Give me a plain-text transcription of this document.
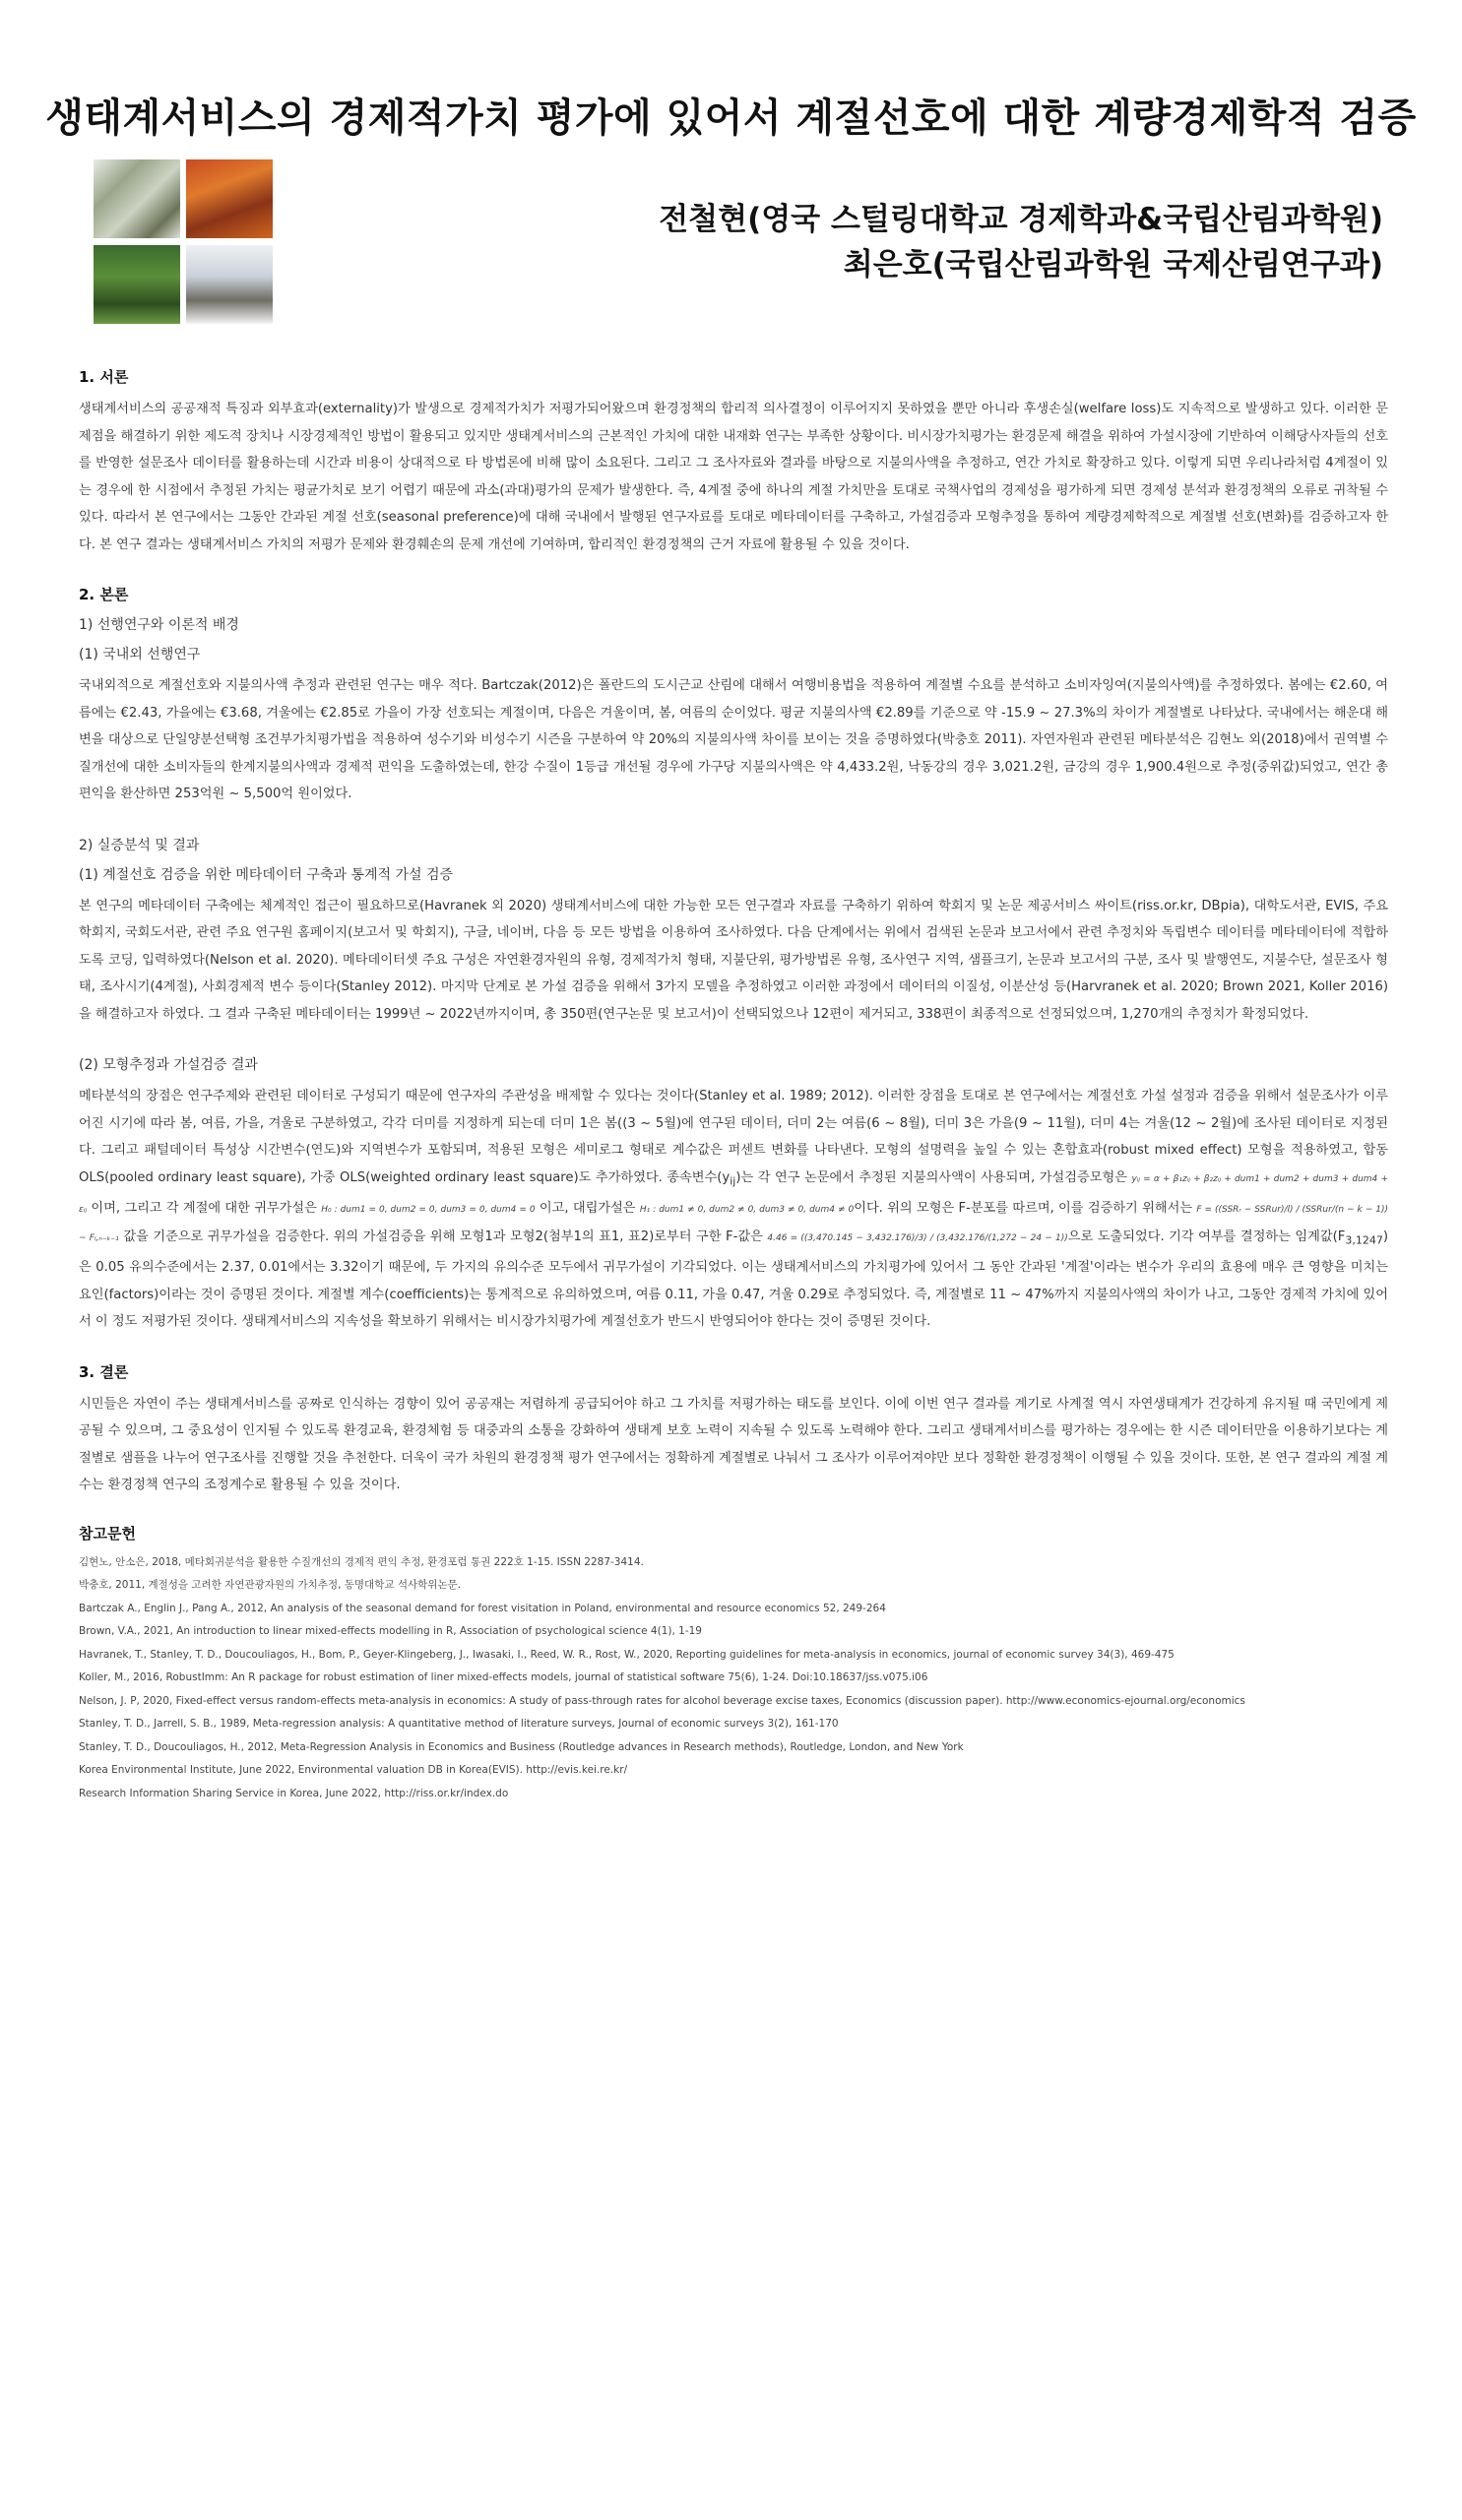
생태계서비스의 경제적가치 평가에 있어서 계절선호에 대한 계량경제학적 검증
전철현(영국 스털링대학교 경제학과&국립산림과학원)
최은호(국립산림과학원 국제산림연구과)
1. 서론

생태계서비스의 공공재적 특징과 외부효과(externality)가 발생으로 경제적가치가 저평가되어왔으며 환경정책의 합리적 의사결정이 이루어지지 못하였을 뿐만 아니라 후생손실(welfare loss)도 지속적으로 발생하고 있다. 이러한 문제점을 해결하기 위한 제도적 장치나 시장경제적인 방법이 활용되고 있지만 생태계서비스의 근본적인 가치에 대한 내재화 연구는 부족한 상황이다. 비시장가치평가는 환경문제 해결을 위하여 가설시장에 기반하여 이해당사자들의 선호를 반영한 설문조사 데이터를 활용하는데 시간과 비용이 상대적으로 타 방법론에 비해 많이 소요된다. 그리고 그 조사자료와 결과를 바탕으로 지불의사액을 추정하고, 연간 가치로 확장하고 있다. 이렇게 되면 우리나라처럼 4계절이 있는 경우에 한 시점에서 추정된 가치는 평균가치로 보기 어렵기 때문에 과소(과대)평가의 문제가 발생한다. 즉, 4계절 중에 하나의 계절 가치만을 토대로 국책사업의 경제성을 평가하게 되면 경제성 분석과 환경정책의 오류로 귀착될 수 있다. 따라서 본 연구에서는 그동안 간과된 계절 선호(seasonal preference)에 대해 국내에서 발행된 연구자료를 토대로 메타데이터를 구축하고, 가설검증과 모형추정을 통하여 계량경제학적으로 계절별 선호(변화)를 검증하고자 한다. 본 연구 결과는 생태계서비스 가치의 저평가 문제와 환경훼손의 문제 개선에 기여하며, 합리적인 환경정책의 근거 자료에 활용될 수 있을 것이다.

2. 본론
1) 선행연구와 이론적 배경
(1) 국내외 선행연구

국내외적으로 계절선호와 지불의사액 추정과 관련된 연구는 매우 적다. Bartczak(2012)은 폴란드의 도시근교 산림에 대해서 여행비용법을 적용하여 계절별 수요를 분석하고 소비자잉여(지불의사액)를 추정하였다. 봄에는 €2.60, 여름에는 €2.43, 가을에는 €3.68, 겨울에는 €2.85로 가을이 가장 선호되는 계절이며, 다음은 겨울이며, 봄, 여름의 순이었다. 평균 지불의사액 €2.89를 기준으로 약 -15.9 ~ 27.3%의 차이가 계절별로 나타났다. 국내에서는 해운대 해변을 대상으로 단일양분선택형 조건부가치평가법을 적용하여 성수기와 비성수기 시즌을 구분하여 약 20%의 지불의사액 차이를 보이는 것을 증명하였다(박충호 2011). 자연자원과 관련된 메타분석은 김현노 외(2018)에서 권역별 수질개선에 대한 소비자들의 한계지불의사액과 경제적 편익을 도출하였는데, 한강 수질이 1등급 개선될 경우에 가구당 지불의사액은 약 4,433.2원, 낙동강의 경우 3,021.2원, 금강의 경우 1,900.4원으로 추정(중위값)되었고, 연간 총편익을 환산하면 253억원 ~ 5,500억 원이었다.

2) 실증분석 및 결과
(1) 계절선호 검증을 위한 메타데이터 구축과 통계적 가설 검증

본 연구의 메타데이터 구축에는 체계적인 접근이 필요하므로(Havranek 외 2020) 생태계서비스에 대한 가능한 모든 연구결과 자료를 구축하기 위하여 학회지 및 논문 제공서비스 싸이트(riss.or.kr, DBpia), 대학도서관, EVIS, 주요 학회지, 국회도서관, 관련 주요 연구원 홈페이지(보고서 및 학회지), 구글, 네이버, 다음 등 모든 방법을 이용하여 조사하였다. 다음 단계에서는 위에서 검색된 논문과 보고서에서 관련 추정치와 독립변수 데이터를 메타데이터에 적합하도록 코딩, 입력하였다(Nelson et al. 2020). 메타데이터셋 주요 구성은 자연환경자원의 유형, 경제적가치 형태, 지불단위, 평가방법론 유형, 조사연구 지역, 샘플크기, 논문과 보고서의 구분, 조사 및 발행연도, 지불수단, 설문조사 형태, 조사시기(4계절), 사회경제적 변수 등이다(Stanley 2012). 마지막 단계로 본 가설 검증을 위해서 3가지 모델을 추정하였고 이러한 과정에서 데이터의 이질성, 이분산성 등(Harvranek et al. 2020; Brown 2021, Koller 2016)을 해결하고자 하였다. 그 결과 구축된 메타데이터는 1999년 ~ 2022년까지이며, 총 350편(연구논문 및 보고서)이 선택되었으나 12편이 제거되고, 338편이 최종적으로 선정되었으며, 1,270개의 추정치가 확정되었다.

(2) 모형추정과 가설검증 결과

메타분석의 장점은 연구주제와 관련된 데이터로 구성되기 때문에 연구자의 주관성을 배제할 수 있다는 것이다(Stanley et al. 1989; 2012). 이러한 장점을 토대로 본 연구에서는 계절선호 가설 설정과 검증을 위해서 설문조사가 이루어진 시기에 따라 봄, 여름, 가을, 겨울로 구분하였고, 각각 더미를 지정하게 되는데 더미 1은 봄((3 ~ 5월)에 연구된 데이터, 더미 2는 여름(6 ~ 8월), 더미 3은 가을(9 ~ 11월), 더미 4는 겨울(12 ~ 2월)에 조사된 데이터로 지정된다. 그리고 패털데이터 특성상 시간변수(연도)와 지역변수가 포함되며, 적용된 모형은 세미로그 형태로 계수값은 퍼센트 변화를 나타낸다. 모형의 설명력을 높일 수 있는 혼합효과(robust mixed effect) 모형을 적용하였고, 합동OLS(pooled ordinary least square), 가중 OLS(weighted ordinary least square)도 추가하였다. 종속변수$(y_{ij})$는 각 연구 논문에서 추정된 지불의사액이 사용되며, 가설검증모형은 yᵢⱼ = α + β₁zᵢⱼ + β₂zᵢⱼ + dum1 + dum2 + dum3 + dum4 + εᵢⱼ 이며, 그리고 각 계절에 대한 귀무가설은 H₀ : dum1 = 0, dum2 = 0, dum3 = 0, dum4 = 0 이고, 대립가설은 H₁ : dum1 ≠ 0, dum2 ≠ 0, dum3 ≠ 0, dum4 ≠ 0이다. 위의 모형은 F-분포를 따르며, 이를 검증하기 위해서는 F = ((SSRᵣ − SSRur)/l) / (SSRur/(n − k − 1)) ~ Fₗ,ₙ₋ₖ₋₁ 값을 기준으로 귀무가설을 검증한다. 위의 가설검증을 위해 모형1과 모형2(첨부1의 표1, 표2)로부터 구한 F-값은 4.46 = ((3,470.145 − 3,432.176)/3) / (3,432.176/(1,272 − 24 − 1))으로 도출되었다. 기각 여부를 결정하는 임계값$(F_{3,1247})$은 0.05 유의수준에서는 2.37, 0.01에서는 3.32이기 때문에, 두 가지의 유의수준 모두에서 귀무가설이 기각되었다. 이는 생태계서비스의 가치평가에 있어서 그 동안 간과된 '계절'이라는 변수가 우리의 효용에 매우 큰 영향을 미치는 요인(factors)이라는 것이 증명된 것이다. 계절별 계수(coefficients)는 통계적으로 유의하였으며, 여름 0.11, 가을 0.47, 겨울 0.29로 추정되었다. 즉, 계절별로 11 ~ 47%까지 지불의사액의 차이가 나고, 그동안 경제적 가치에 있어서 이 정도 저평가된 것이다. 생태계서비스의 지속성을 확보하기 위해서는 비시장가치평가에 계절선호가 반드시 반영되어야 한다는 것이 증명된 것이다.

3. 결론

시민들은 자연이 주는 생태계서비스를 공짜로 인식하는 경향이 있어 공공재는 저렴하게 공급되어야 하고 그 가치를 저평가하는 태도를 보인다. 이에 이번 연구 결과를 계기로 사계절 역시 자연생태계가 건강하게 유지될 때 국민에게 제공될 수 있으며, 그 중요성이 인지될 수 있도록 환경교육, 환경체험 등 대중과의 소통을 강화하여 생태계 보호 노력이 지속될 수 있도록 노력해야 한다. 그리고 생태계서비스를 평가하는 경우에는 한 시즌 데이터만을 이용하기보다는 계절별로 샘플을 나누어 연구조사를 진행할 것을 추천한다. 더욱이 국가 차원의 환경정책 평가 연구에서는 정확하게 계절별로 나눠서 그 조사가 이루어져야만 보다 정확한 환경정책이 이행될 수 있을 것이다. 또한, 본 연구 결과의 계절 계수는 환경정책 연구의 조정계수로 활용될 수 있을 것이다.

참고문헌

김현노, 안소은, 2018, 메타회귀분석을 활용한 수질개선의 경제적 편익 추정, 환경포럼 통권 222호 1-15. ISSN 2287-3414.

박충호, 2011, 계절성을 고려한 자연관광자원의 가치추정, 동명대학교 석사학위논문.

Bartczak A., Englin J., Pang A., 2012, An analysis of the seasonal demand for forest visitation in Poland, environmental and resource economics 52, 249-264

Brown, V.A., 2021, An introduction to linear mixed-effects modelling in R, Association of psychological science 4(1), 1-19

Havranek, T., Stanley, T. D., Doucouliagos, H., Bom, P., Geyer-Klingeberg, J., Iwasaki, I., Reed, W. R., Rost, W., 2020, Reporting guidelines for meta-analysis in economics, journal of economic survey 34(3), 469-475

Koller, M., 2016, RobustImm: An R package for robust estimation of liner mixed-effects models, journal of statistical software 75(6), 1-24. Doi:10.18637/jss.v075.i06

Nelson, J. P, 2020, Fixed-effect versus random-effects meta-analysis in economics: A study of pass-through rates for alcohol beverage excise taxes, Economics (discussion paper). http://www.economics-ejournal.org/economics

Stanley, T. D., Jarrell, S. B., 1989, Meta-regression analysis: A quantitative method of literature surveys, Journal of economic surveys 3(2), 161-170

Stanley, T. D., Doucouliagos, H., 2012, Meta-Regression Analysis in Economics and Business (Routledge advances in Research methods), Routledge, London, and New York

Korea Environmental Institute, June 2022, Environmental valuation DB in Korea(EVIS). http://evis.kei.re.kr/

Research Information Sharing Service in Korea, June 2022, http://riss.or.kr/index.do
